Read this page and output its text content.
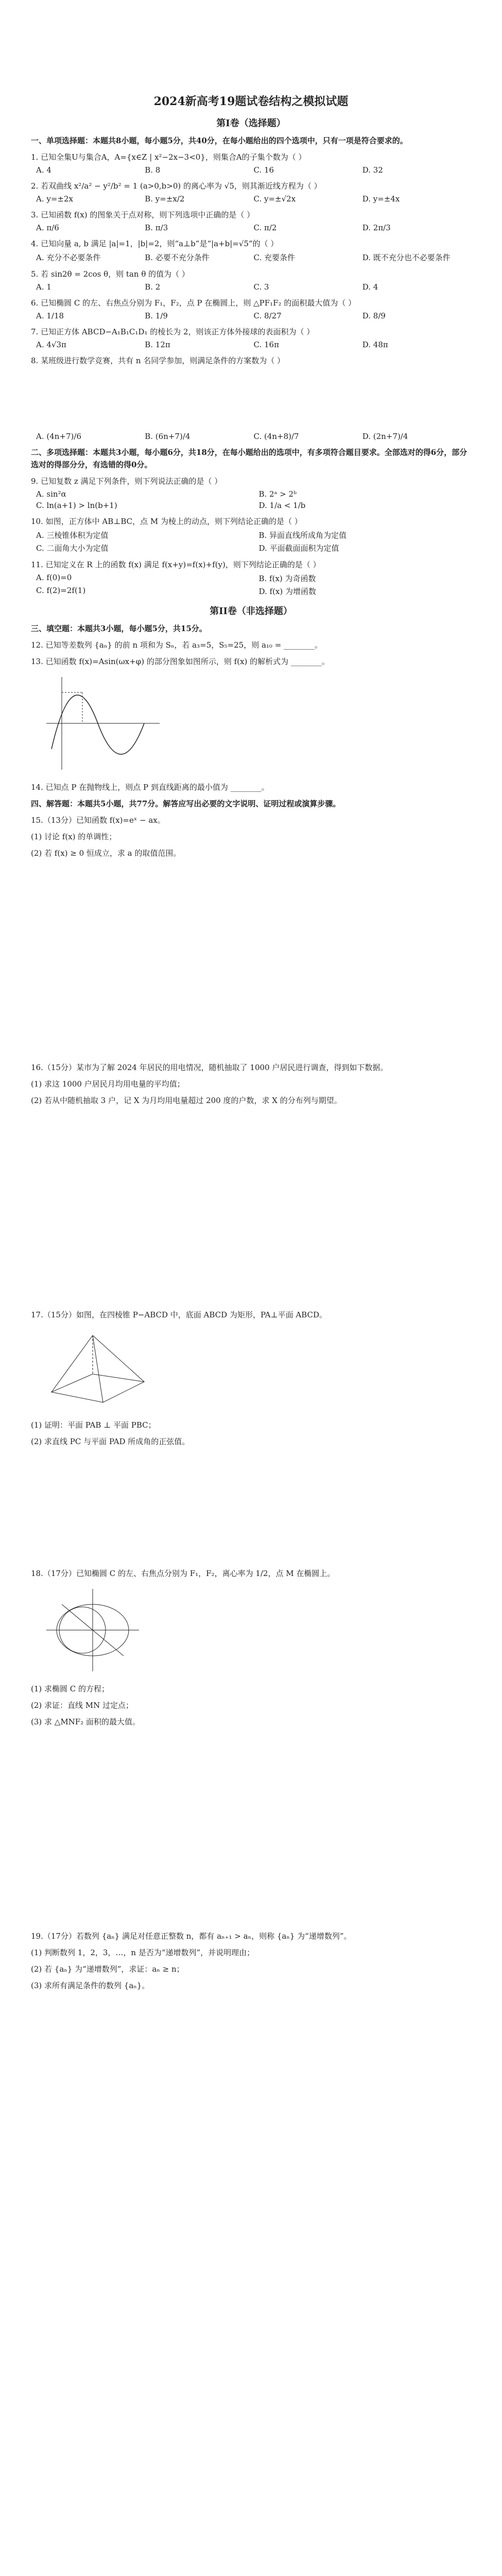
2024新高考19题试卷结构之模拟试题
第I卷（选择题）
一、单项选择题：本题共8小题，每小题5分，共40分，在每小题给出的四个选项中，只有一项是符合要求的。
1. 已知全集U与集合A，A={x∈Z | x²−2x−3<0}，则集合A的子集个数为（ ）
A. 4	B. 8	C. 16	D. 32
2. 若双曲线 x²/a² − y²/b² = 1 (a>0,b>0) 的离心率为 √5，则其渐近线方程为（ ）
A. y=±2x	B. y=±x/2	C. y=±√2x	D. y=±4x
3. 已知函数 f(x) 的图象关于点对称，则下列选项中正确的是（ ）
A. π/6	B. π/3	C. π/2	D. 2π/3
4. 已知向量 a, b 满足 |a|=1，|b|=2，则“a⊥b”是“|a+b|=√5”的（ ）
A. 充分不必要条件	B. 必要不充分条件	C. 充要条件	D. 既不充分也不必要条件
5. 若 sin2θ = 2cos θ，则 tan θ 的值为（ ）
A. 1	B. 2	C. 3	D. 4
6. 已知椭圆 C 的左、右焦点分别为 F₁，F₂，点 P 在椭圆上，则 △PF₁F₂ 的面积最大值为（ ）
A. 1/18	B. 1/9	C. 8/27	D. 8/9
7. 已知正方体 ABCD−A₁B₁C₁D₁ 的棱长为 2，则该正方体外接球的表面积为（ ）
A. 4√3π	B. 12π	C. 16π	D. 48π
8. 某班级进行数学竞赛，共有 n 名同学参加，则满足条件的方案数为（ ）
A. (4n+7)/6	B. (6n+7)/4	C. (4n+8)/7	D. (2n+7)/4
二、多项选择题：本题共3小题，每小题6分，共18分，在每小题给出的选项中，有多项符合题目要求。全部选对的得6分，部分选对的得部分分，有选错的得0分。
9. 已知复数 z 满足下列条件，则下列说法正确的是（ ）
A. sin²α	B. 2ᵃ > 2ᵇ
C. ln(a+1) > ln(b+1)	D. 1/a < 1/b
10. 如图，正方体中 AB⊥BC，点 M 为棱上的动点，则下列结论正确的是（ ）
A. 三棱锥体积为定值	B. 异面直线所成角为定值
C. 二面角大小为定值	D. 平面截面面积为定值
11. 已知定义在 R 上的函数 f(x) 满足 f(x+y)=f(x)+f(y)，则下列结论正确的是（ ）
A. f(0)=0	B. f(x) 为奇函数
C. f(2)=2f(1)	D. f(x) 为增函数
第II卷（非选择题）
三、填空题：本题共3小题，每小题5分，共15分。
12. 已知等差数列 {aₙ} 的前 n 项和为 Sₙ，若 a₃=5，S₅=25，则 a₁₀ = ________。
13. 已知函数 f(x)=Asin(ωx+φ) 的部分图象如图所示，则 f(x) 的解析式为 ________。
14. 已知点 P 在抛物线上，则点 P 到直线距离的最小值为 ________。
四、解答题：本题共5小题，共77分。解答应写出必要的文字说明、证明过程或演算步骤。
15.（13分）已知函数 f(x)=eˣ − ax。
(1) 讨论 f(x) 的单调性；
(2) 若 f(x) ≥ 0 恒成立，求 a 的取值范围。
16.（15分）某市为了解 2024 年居民的用电情况，随机抽取了 1000 户居民进行调查，得到如下数据。
(1) 求这 1000 户居民月均用电量的平均值；
(2) 若从中随机抽取 3 户，记 X 为月均用电量超过 200 度的户数，求 X 的分布列与期望。
17.（15分）如图，在四棱锥 P−ABCD 中，底面 ABCD 为矩形，PA⊥平面 ABCD。
(1) 证明：平面 PAB ⊥ 平面 PBC；
(2) 求直线 PC 与平面 PAD 所成角的正弦值。
18.（17分）已知椭圆 C 的左、右焦点分别为 F₁，F₂，离心率为 1/2，点 M 在椭圆上。
(1) 求椭圆 C 的方程；
(2) 求证：直线 MN 过定点；
(3) 求 △MNF₂ 面积的最大值。
19.（17分）若数列 {aₙ} 满足对任意正整数 n，都有 aₙ₊₁ > aₙ，则称 {aₙ} 为“递增数列”。
(1) 判断数列 1，2，3，…，n 是否为“递增数列”，并说明理由；
(2) 若 {aₙ} 为“递增数列”，求证：aₙ ≥ n；
(3) 求所有满足条件的数列 {aₙ}。
